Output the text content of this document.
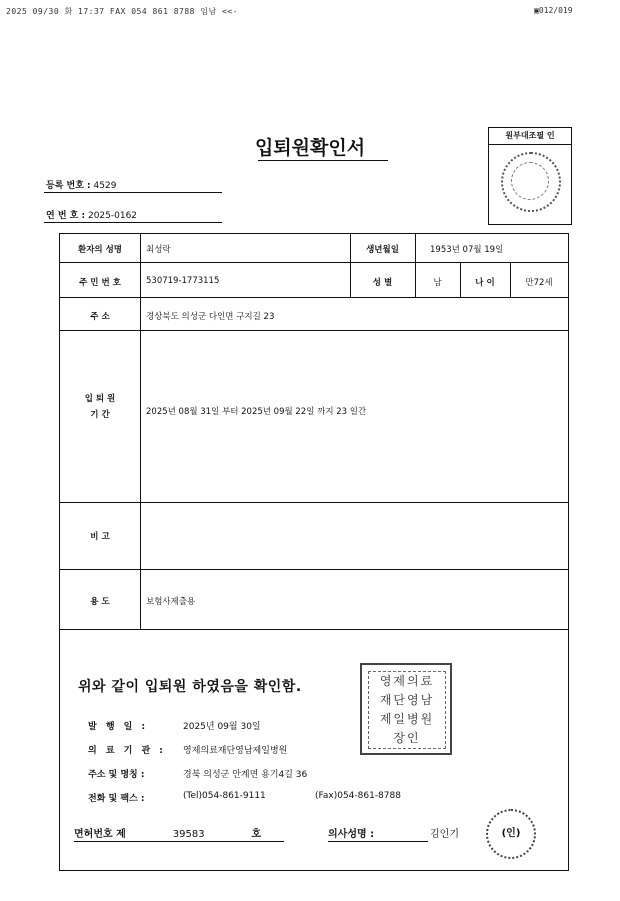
2025 09/30 화 17:37 FAX 054 861 8788 임남 <<-	▣012/019
입퇴원확인서
원부대조필 인
등록 번호 : 4529
연 번 호 : 2025-0162
환자의 성명	최성락	생년월일	1953년 07월 19일
주 민 번 호	530719-1773115	성 별	남	나 이	만72세
주 소	경상북도 의성군 다인면 구지길 23
입 퇴 원
기 간	2025년 08월 31일 부터 2025년 09월 22일 까지 23 일간
비 고
용 도	보험사제출용
위와 같이 입퇴원 하였음을 확인함.
발 행 일 :	2025년 09월 30일
의 료 기 관 :	영제의료재단영남제일병원
주소 및 명칭 :	경북 의성군 안계면 용기4길 36
전화 및 팩스 :	(Tel)054-861-9111	(Fax)054-861-8788
영제의료
재단영남
제일병원
장인
면허번호 제	39583	호	의사성명 :	김인기	(인)
